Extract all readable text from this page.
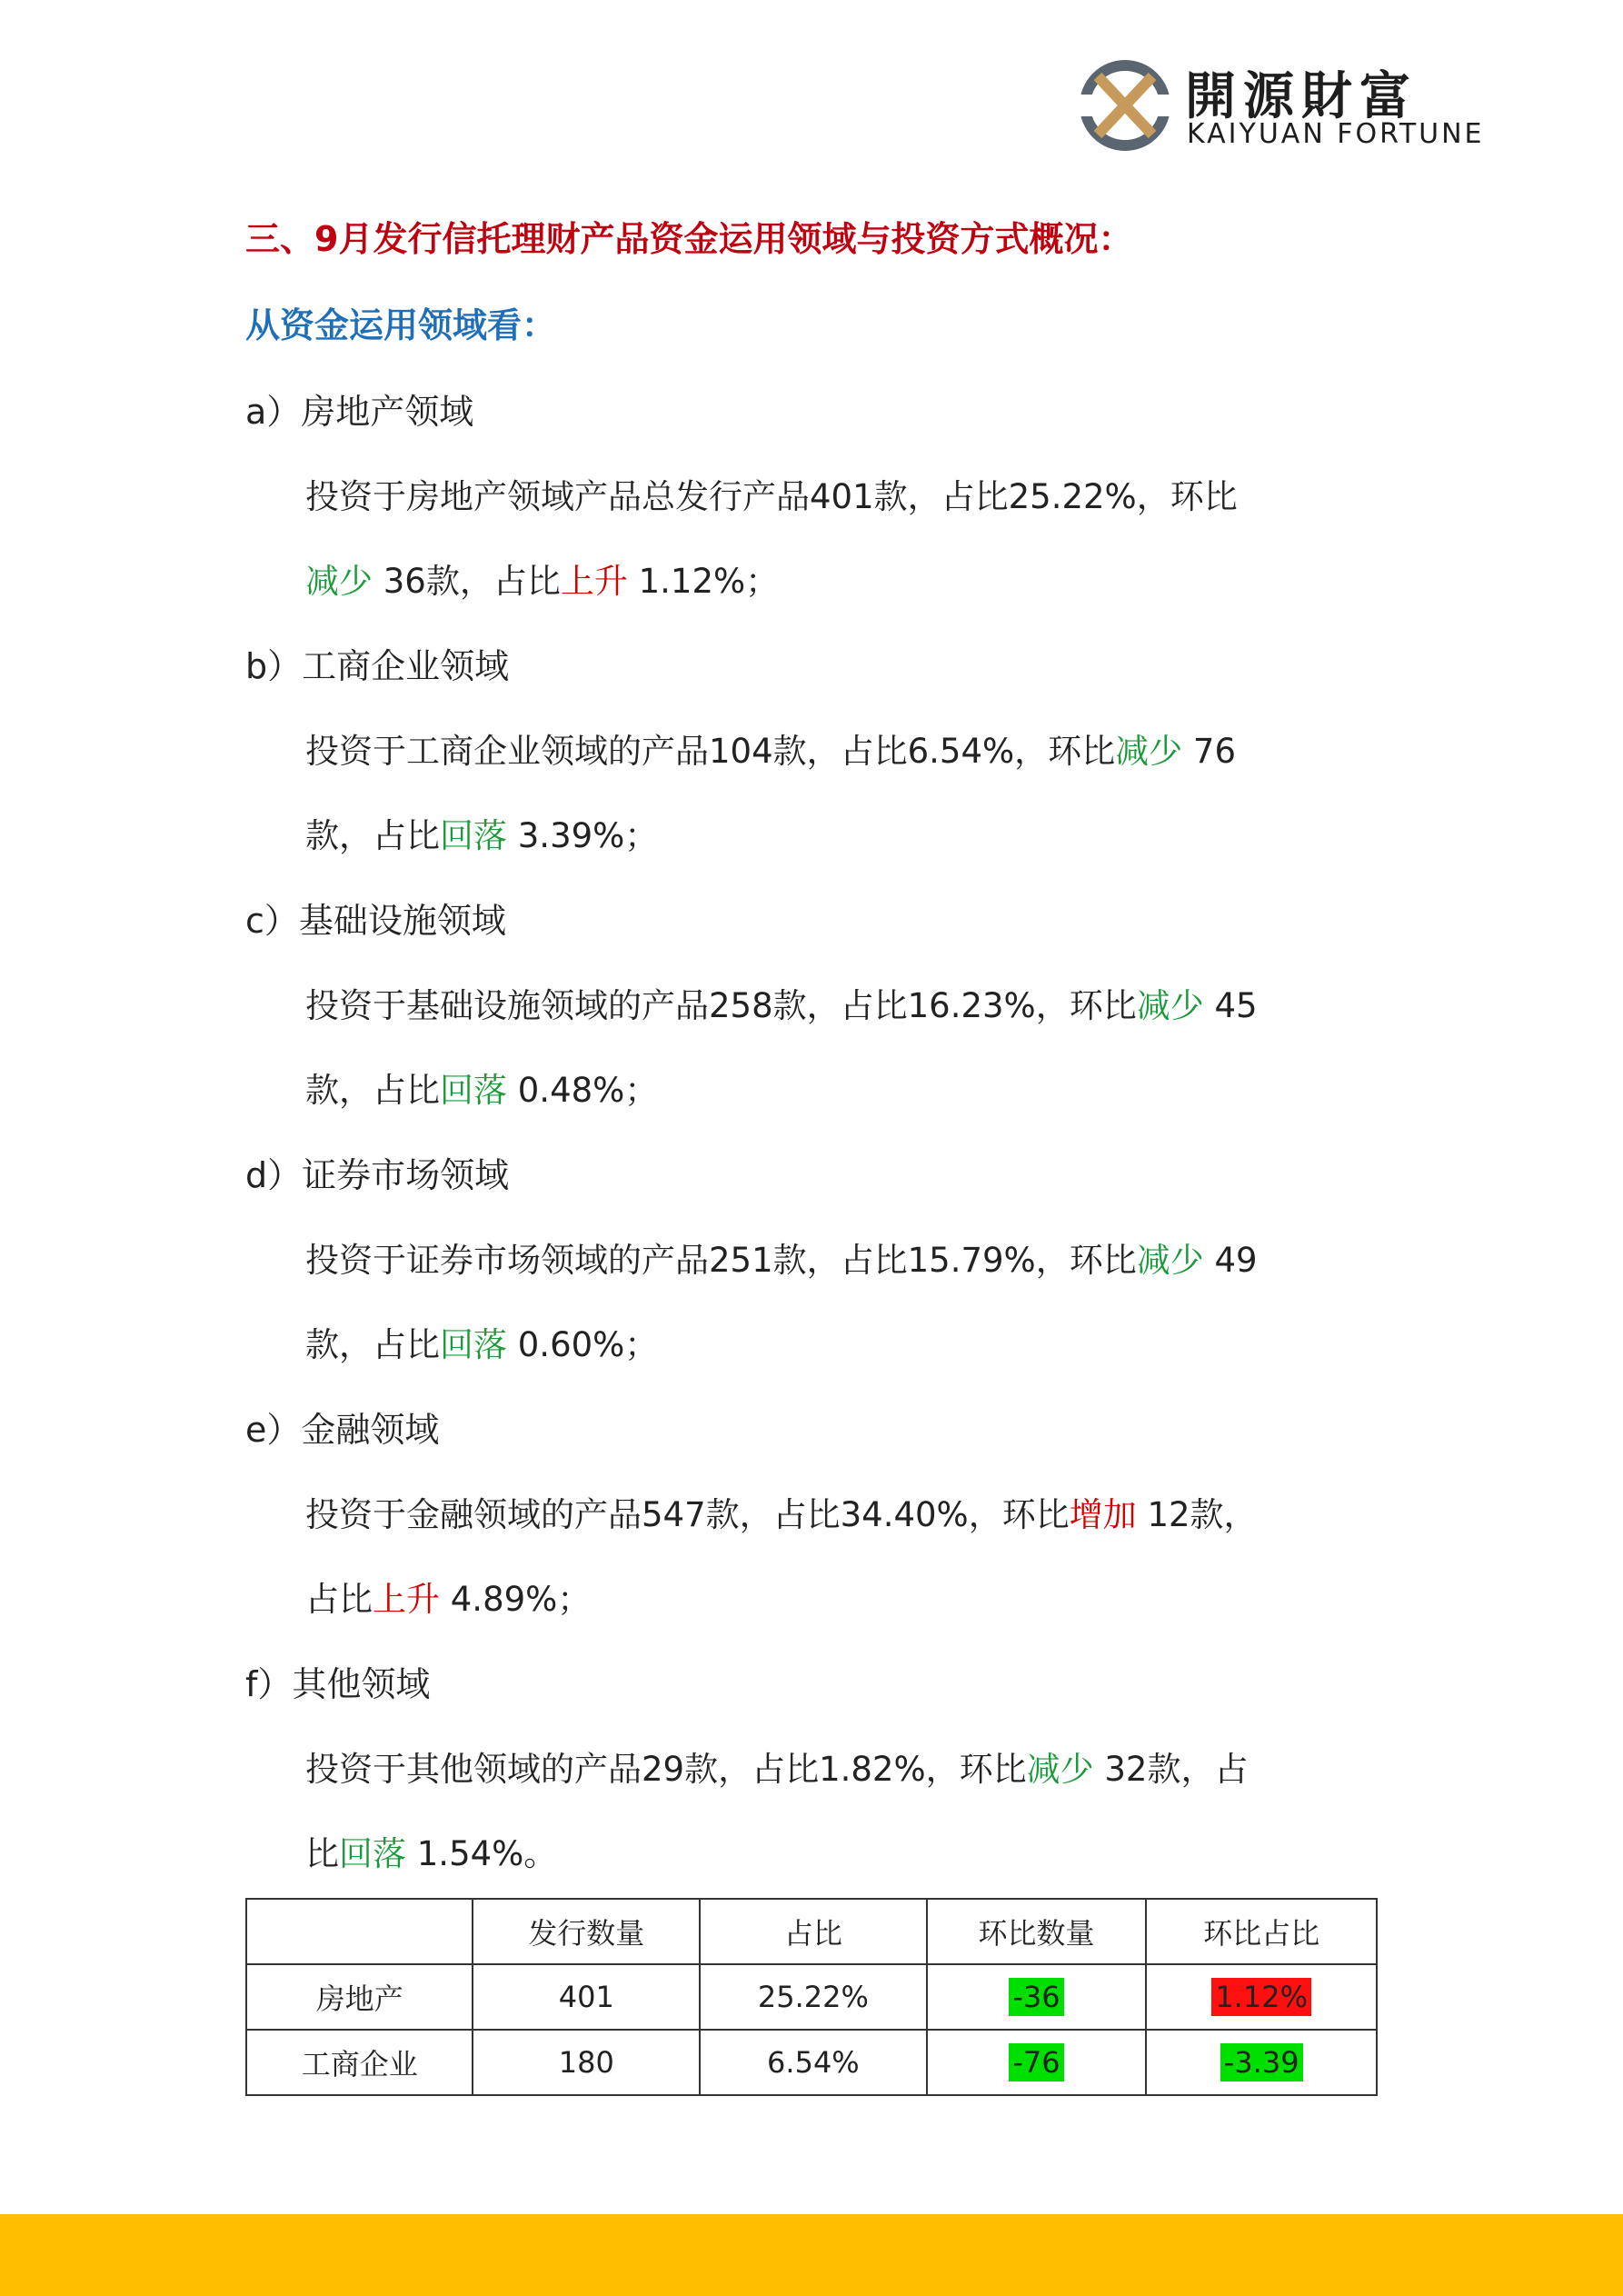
開源財富
KAIYUAN FORTUNE
三、9月发行信托理财产品资金运用领域与投资方式概况：
从资金运用领域看：
a）房地产领域
投资于房地产领域产品总发行产品401款，占比25.22%，环比
减少 36款，占比上升 1.12%；
b）工商企业领域
投资于工商企业领域的产品104款，占比6.54%，环比减少 76
款，占比回落 3.39%；
c）基础设施领域
投资于基础设施领域的产品258款，占比16.23%，环比减少 45
款，占比回落 0.48%；
d）证券市场领域
投资于证券市场领域的产品251款，占比15.79%，环比减少 49
款，占比回落 0.60%；
e）金融领域
投资于金融领域的产品547款，占比34.40%，环比增加 12款，
占比上升 4.89%；
f）其他领域
投资于其他领域的产品29款，占比1.82%，环比减少 32款，占
比回落 1.54%。
	发行数量	占比	环比数量	环比占比
房地产	401	25.22%	-36	1.12%
工商企业	180	6.54%	-76	-3.39
